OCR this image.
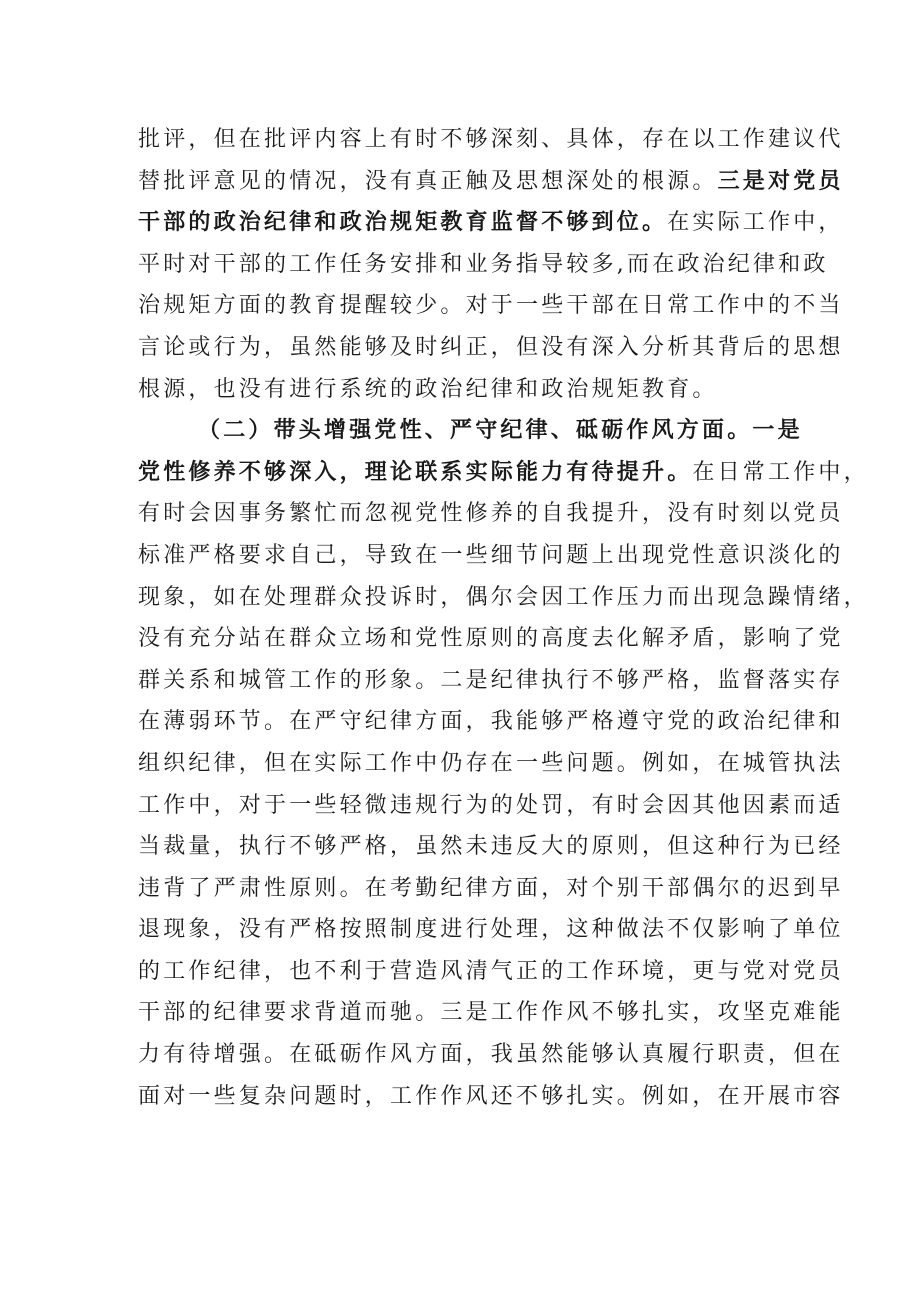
批评，但在批评内容上有时不够深刻、具体，存在以工作建议代
替批评意见的情况，没有真正触及思想深处的根源。三是对党员
干部的政治纪律和政治规矩教育监督不够到位。在实际工作中，
平时对干部的工作任务安排和业务指导较多,而在政治纪律和政
治规矩方面的教育提醒较少。对于一些干部在日常工作中的不当
言论或行为，虽然能够及时纠正，但没有深入分析其背后的思想
根源，也没有进行系统的政治纪律和政治规矩教育。
（二）带头增强党性、严守纪律、砥砺作风方面。一是
党性修养不够深入，理论联系实际能力有待提升。在日常工作中，
有时会因事务繁忙而忽视党性修养的自我提升，没有时刻以党员
标准严格要求自己，导致在一些细节问题上出现党性意识淡化的
现象，如在处理群众投诉时，偶尔会因工作压力而出现急躁情绪，
没有充分站在群众立场和党性原则的高度去化解矛盾，影响了党
群关系和城管工作的形象。二是纪律执行不够严格，监督落实存
在薄弱环节。在严守纪律方面，我能够严格遵守党的政治纪律和
组织纪律，但在实际工作中仍存在一些问题。例如，在城管执法
工作中，对于一些轻微违规行为的处罚，有时会因其他因素而适
当裁量，执行不够严格，虽然未违反大的原则，但这种行为已经
违背了严肃性原则。在考勤纪律方面，对个别干部偶尔的迟到早
退现象，没有严格按照制度进行处理，这种做法不仅影响了单位
的工作纪律，也不利于营造风清气正的工作环境，更与党对党员
干部的纪律要求背道而驰。三是工作作风不够扎实，攻坚克难能
力有待增强。在砥砺作风方面，我虽然能够认真履行职责，但在
面对一些复杂问题时，工作作风还不够扎实。例如，在开展市容
